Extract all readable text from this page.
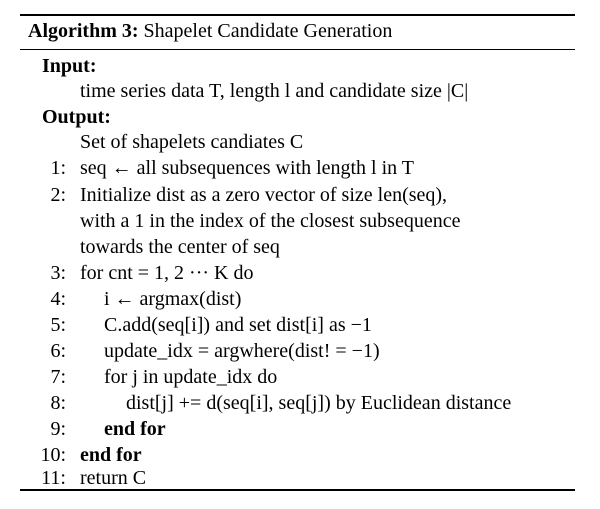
Algorithm 3: Shapelet Candidate Generation
Input:
time series data T, length l and candidate size |C|
Output:
Set of shapelets candiates C
1: seq ← all subsequences with length l in T
2: Initialize dist as a zero vector of size len(seq),
with a 1 in the index of the closest subsequence
towards the center of seq
3: for cnt = 1, 2 ··· K do
4: i ← argmax(dist)
5: C.add(seq[i]) and set dist[i] as −1
6: update_idx = argwhere(dist! = −1)
7: for j in update_idx do
8:	dist[j] += d(seq[i], seq[j]) by Euclidean distance
9: end for
10: end for
11: return C
